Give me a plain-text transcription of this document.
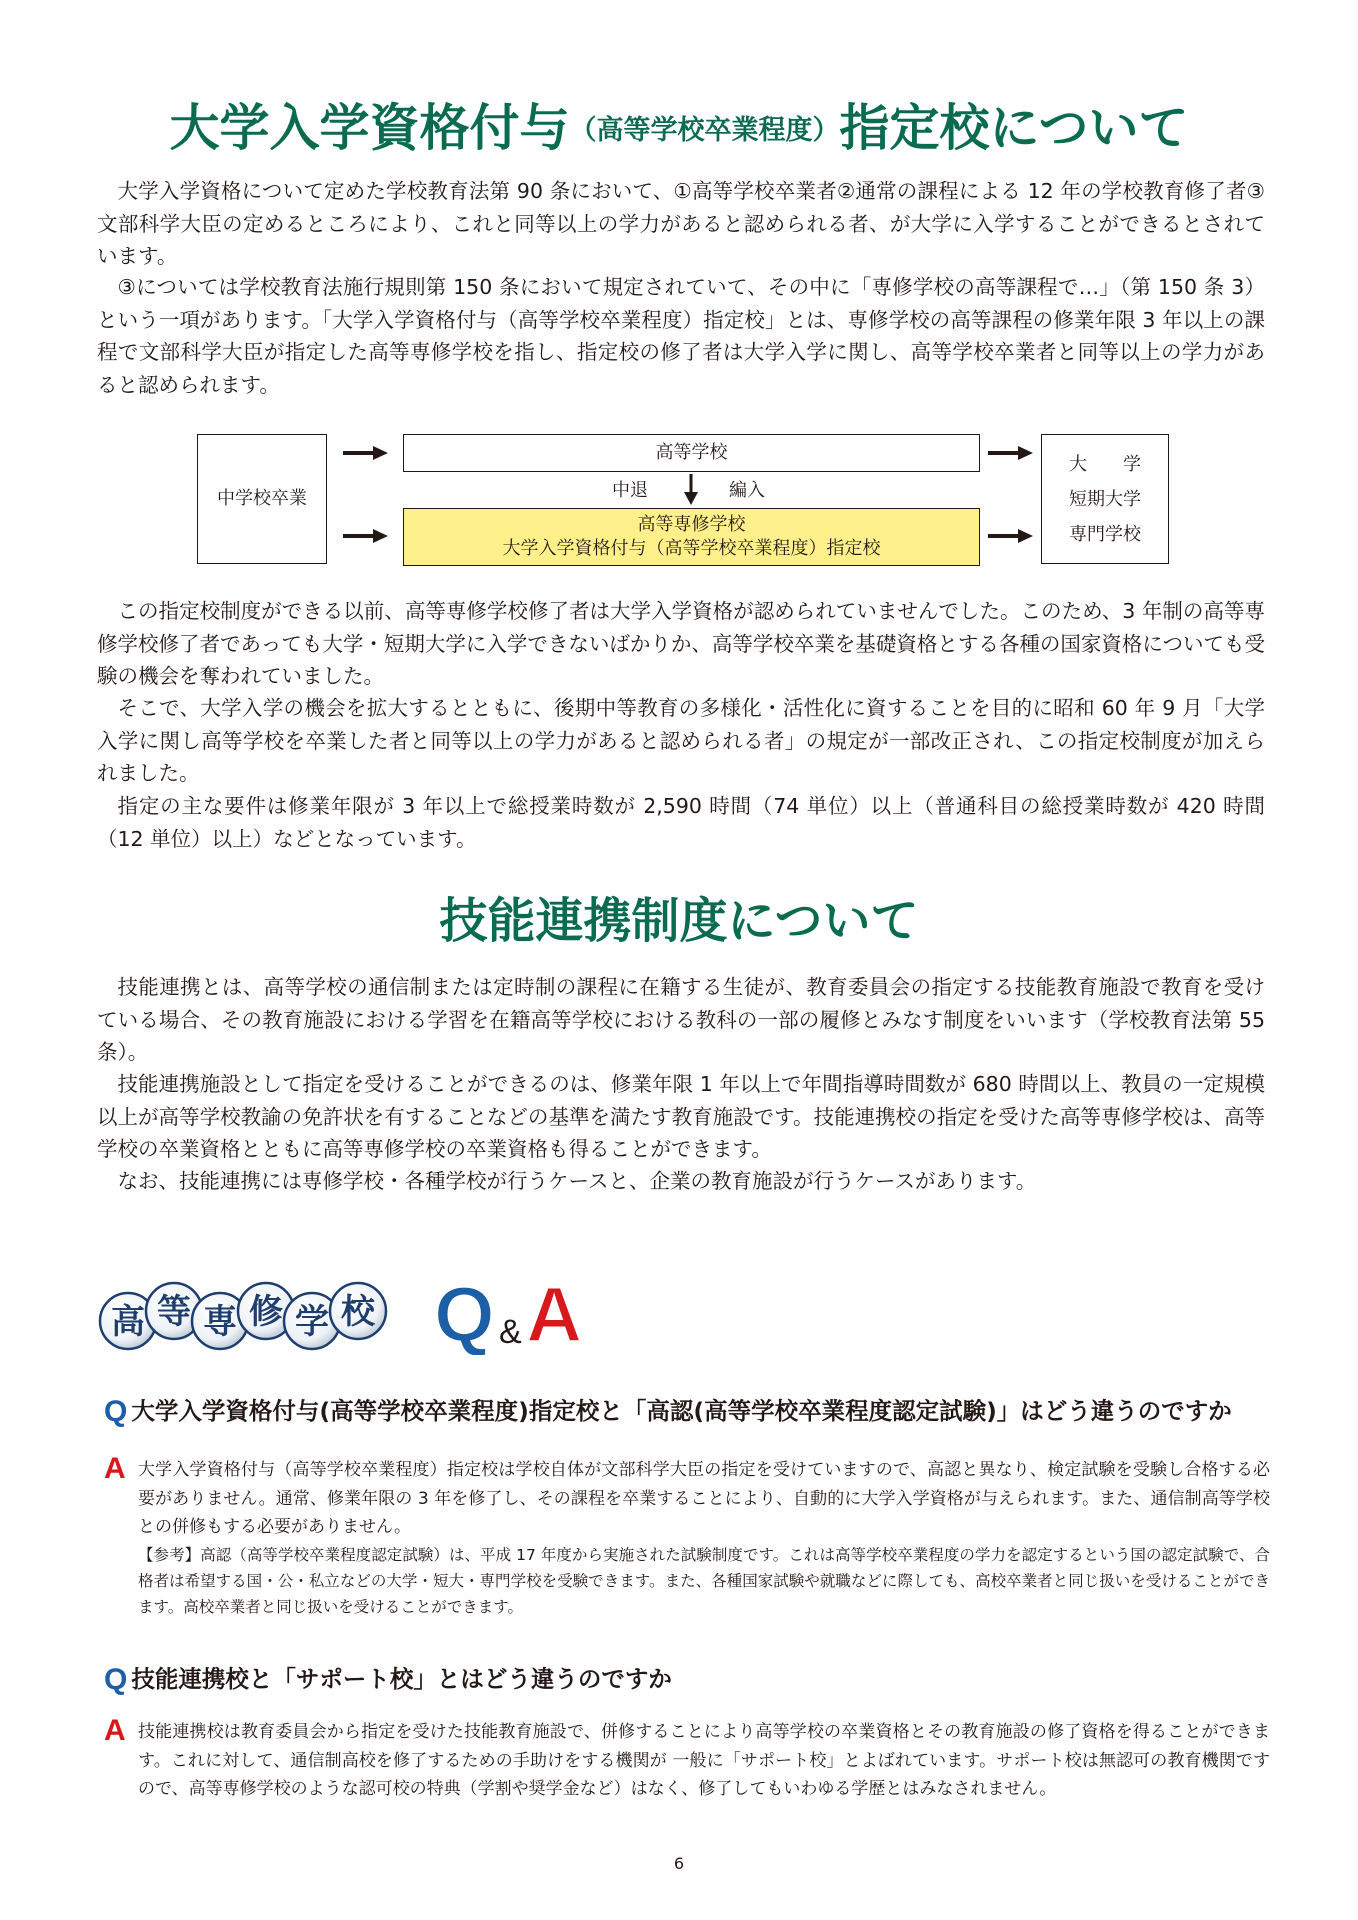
大学入学資格付与$^{(高等学校卒業程度)}$指定校について

大学入学資格について定めた学校教育法第 90 条において、①高等学校卒業者②通常の課程による 12 年の学校教育修了者③文部科学大臣の定めるところにより、これと同等以上の学力があると認められる者、が大学に入学することができるとされています。

③については学校教育法施行規則第 150 条において規定されていて、その中に「専修学校の高等課程で…」（第 150 条 3）という一項があります。「大学入学資格付与（高等学校卒業程度）指定校」とは、専修学校の高等課程の修業年限 3 年以上の課程で文部科学大臣が指定した高等専修学校を指し、指定校の修了者は大学入学に関し、高等学校卒業者と同等以上の学力があると認められます。

中学校卒業
高等学校
高等専修学校
大学入学資格付与（高等学校卒業程度）指定校
大 学
短期大学
専門学校
中退	編入

この指定校制度ができる以前、高等専修学校修了者は大学入学資格が認められていませんでした。このため、3 年制の高等専修学校修了者であっても大学・短期大学に入学できないばかりか、高等学校卒業を基礎資格とする各種の国家資格についても受験の機会を奪われていました。

そこで、大学入学の機会を拡大するとともに、後期中等教育の多様化・活性化に資することを目的に昭和 60 年 9 月「大学入学に関し高等学校を卒業した者と同等以上の学力があると認められる者」の規定が一部改正され、この指定校制度が加えられました。

指定の主な要件は修業年限が 3 年以上で総授業時数が 2,590 時間（74 単位）以上（普通科目の総授業時数が 420 時間（12 単位）以上）などとなっています。

技能連携制度について

技能連携とは、高等学校の通信制または定時制の課程に在籍する生徒が、教育委員会の指定する技能教育施設で教育を受けている場合、その教育施設における学習を在籍高等学校における教科の一部の履修とみなす制度をいいます（学校教育法第 55 条）。

技能連携施設として指定を受けることができるのは、修業年限 1 年以上で年間指導時間数が 680 時間以上、教員の一定規模以上が高等学校教諭の免許状を有することなどの基準を満たす教育施設です。技能連携校の指定を受けた高等専修学校は、高等学校の卒業資格とともに高等専修学校の卒業資格も得ることができます。

なお、技能連携には専修学校・各種学校が行うケースと、企業の教育施設が行うケースがあります。

高 等 専 修 学 校 Q & A
Q 大学入学資格付与(高等学校卒業程度)指定校と「高認(高等学校卒業程度認定試験)」はどう違うのですか
A 大学入学資格付与（高等学校卒業程度）指定校は学校自体が文部科学大臣の指定を受けていますので、高認と異なり、検定試験を受験し合格する必要がありません。通常、修業年限の 3 年を修了し、その課程を卒業することにより、自動的に大学入学資格が与えられます。また、通信制高等学校との併修もする必要がありません。
【参考】高認（高等学校卒業程度認定試験）は、平成 17 年度から実施された試験制度です。これは高等学校卒業程度の学力を認定するという国の認定試験で、合格者は希望する国・公・私立などの大学・短大・専門学校を受験できます。また、各種国家試験や就職などに際しても、高校卒業者と同じ扱いを受けることができます。高校卒業者と同じ扱いを受けることができます。
Q 技能連携校と「サポート校」とはどう違うのですか
A 技能連携校は教育委員会から指定を受けた技能教育施設で、併修することにより高等学校の卒業資格とその教育施設の修了資格を得ることができます。これに対して、通信制高校を修了するための手助けをする機関が 一般に「サポート校」とよばれています。サポート校は無認可の教育機関ですので、高等専修学校のような認可校の特典（学割や奨学金など）はなく、修了してもいわゆる学歴とはみなされません。
6
